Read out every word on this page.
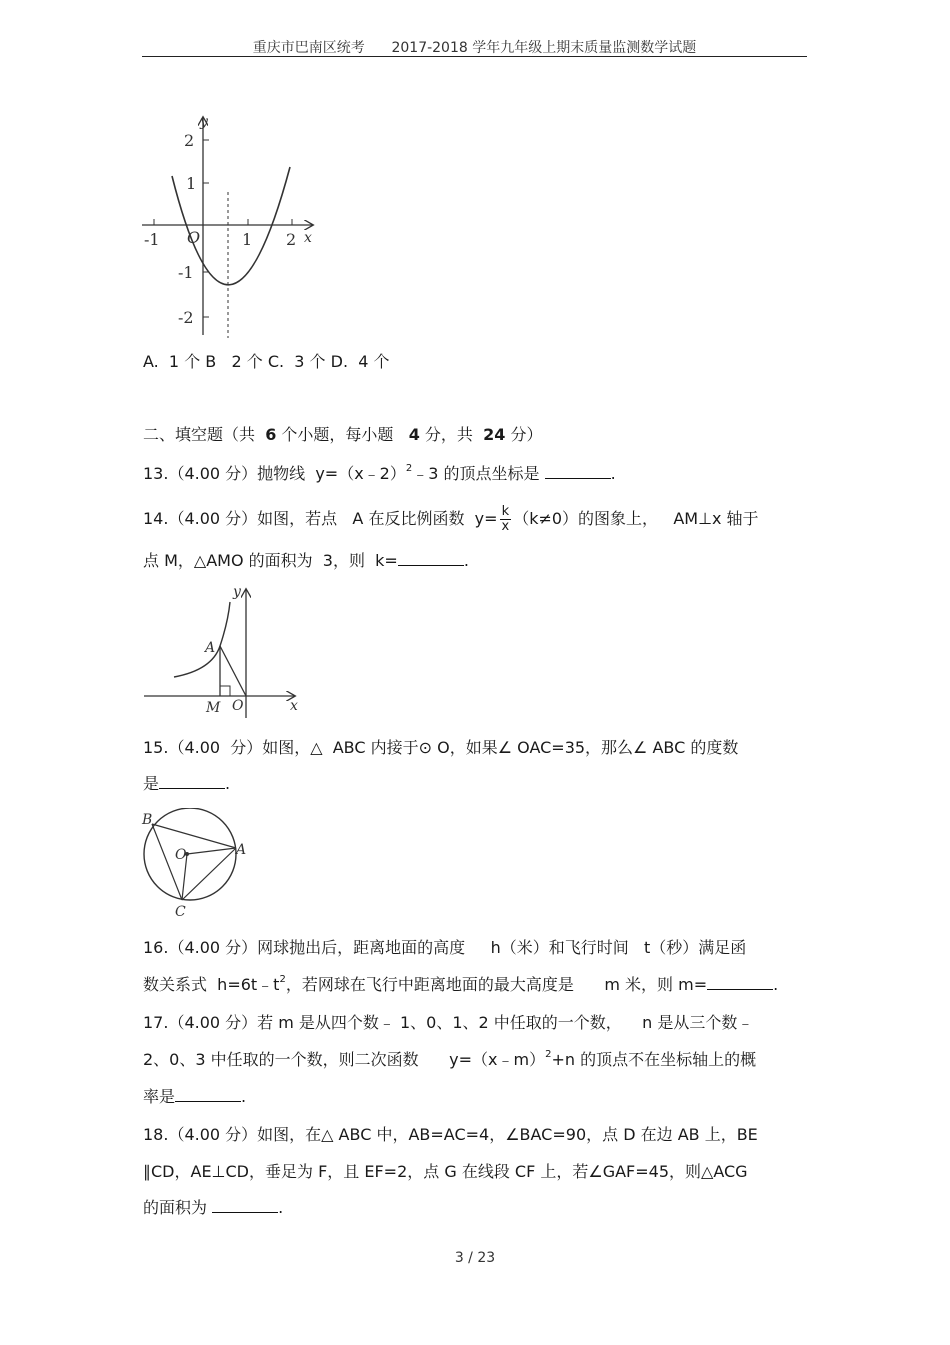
重庆市巴南区统考      2017-2018 学年九年级上期末质量监测数学试题
y
x
O
-1	1 2
2
1
-1
-2
A.  1 个 B   2 个 C.  3 个 D.  4 个
二、填空题（共  6 个小题，每小题   4 分，共  24 分）
13.（4.00 分）抛物线  y=（x﹣2）$^2$﹣3 的顶点坐标是	.
14.（4.00 分）如图，若点   A 在反比例函数  $y= \frac{k}{x} (k\ne 0)$的图象上，   AM⊥x 轴于
点 M，△AMO 的面积为  3，则  k=	.
y
x
A
M O
15.（4.00  分）如图，△  ABC 内接于⊙ O，如果∠ OAC=35，那么∠ ABC 的度数
是	.
B
A
O
C
16.（4.00 分）网球抛出后，距离地面的高度     h（米）和飞行时间   t（秒）满足函
数关系式  $h=6t﹣t^2$，若网球在飞行中距离地面的最大高度是      m 米，则 m=	.
17.（4.00 分）若 m 是从四个数﹣ 1、0、1、2 中任取的一个数，    n 是从三个数﹣
2、0、3 中任取的一个数，则二次函数      y=（x﹣m）$^2$+n 的顶点不在坐标轴上的概
率是	.
18.（4.00 分）如图，在△ ABC 中，AB=AC=4，∠BAC=90，点 D 在边 AB 上，BE
∥CD，AE⊥CD，垂足为 F，且 EF=2，点 G 在线段 CF 上，若∠GAF=45，则△ACG
的面积为	.
3 / 23
